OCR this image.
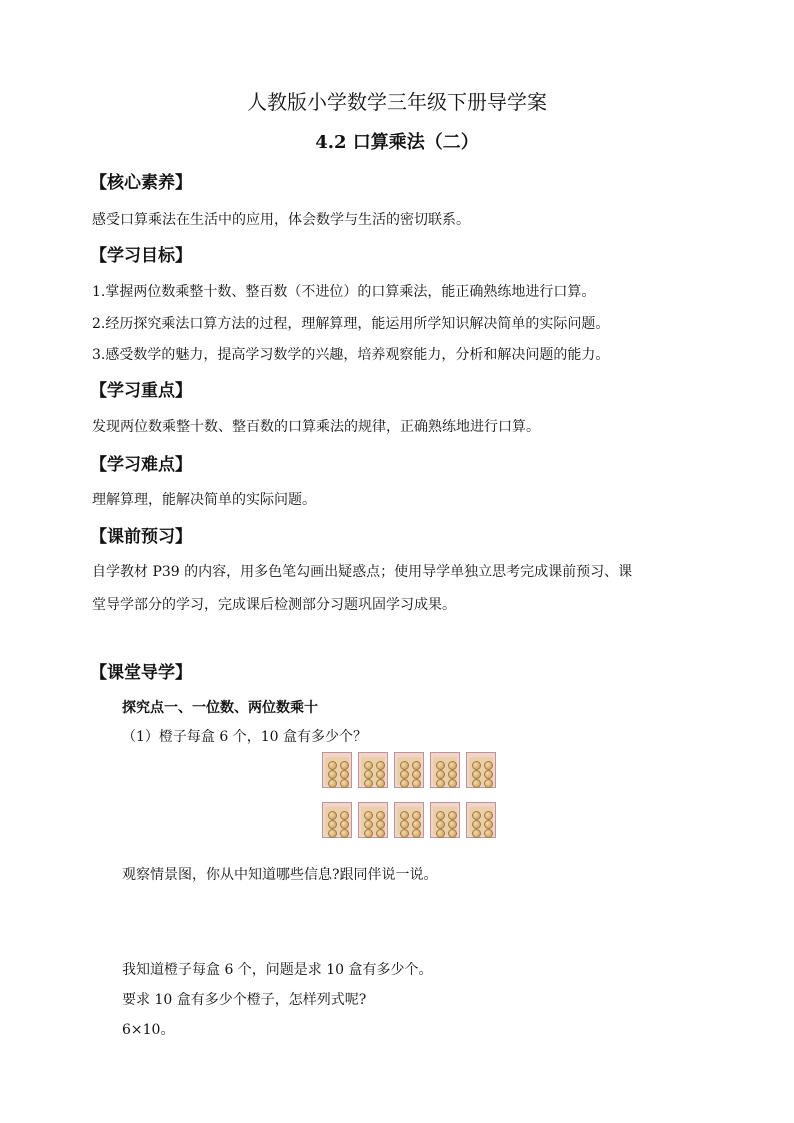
人教版小学数学三年级下册导学案
4.2 口算乘法（二）
【核心素养】
感受口算乘法在生活中的应用，体会数学与生活的密切联系。
【学习目标】
1.掌握两位数乘整十数、整百数（不进位）的口算乘法，能正确熟练地进行口算。
2.经历探究乘法口算方法的过程，理解算理，能运用所学知识解决简单的实际问题。
3.感受数学的魅力，提高学习数学的兴趣，培养观察能力，分析和解决问题的能力。
【学习重点】
发现两位数乘整十数、整百数的口算乘法的规律，正确熟练地进行口算。
【学习难点】
理解算理，能解决简单的实际问题。
【课前预习】
自学教材 P39 的内容，用多色笔勾画出疑惑点；使用导学单独立思考完成课前预习、课
堂导学部分的学习，完成课后检测部分习题巩固学习成果。
【课堂导学】
探究点一、一位数、两位数乘十
（1）橙子每盒 6 个，10 盒有多少个？
观察情景图，你从中知道哪些信息?跟同伴说一说。
我知道橙子每盒 6 个，问题是求 10 盒有多少个。
要求 10 盒有多少个橙子，怎样列式呢?
6×10。
